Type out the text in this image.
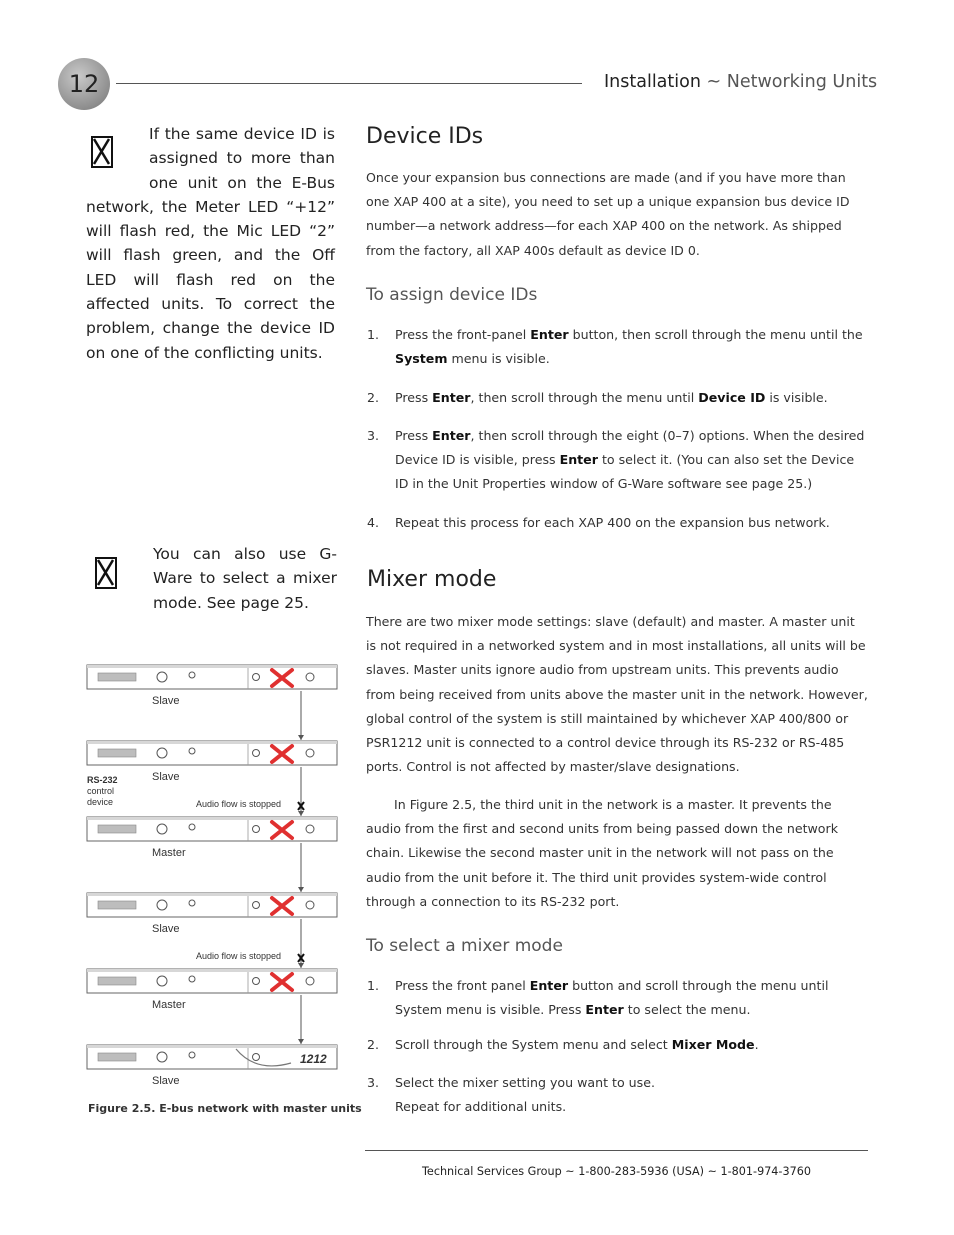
12	Installation ~ Networking Units
If the same device ID is assigned to more than one unit on the E-Bus network, the Meter LED “+12” will flash red, the Mic LED “2” will flash green, and the Off LED will flash red on the affected units. To correct the problem, change the device ID on one of the conflicting units.
You can also use G-Ware to select a mixer mode. See page 25.
Device IDs
Once your expansion bus connections are made (and if you have more than one XAP 400 at a site), you need to set up a unique expansion bus device ID number—a network address—for each XAP 400 on the network. As shipped from the factory, all XAP 400s default as device ID 0.
To assign device IDs
1. Press the front-panel Enter button, then scroll through the menu until the System menu is visible.
2. Press Enter, then scroll through the menu until Device ID is visible.
3. Press Enter, then scroll through the eight (0–7) options. When the desired Device ID is visible, press Enter to select it. (You can also set the Device ID in the Unit Properties window of G-Ware software see page 25.)
4. Repeat this process for each XAP 400 on the expansion bus network.
Mixer mode
There are two mixer mode settings: slave (default) and master. A master unit is not required in a networked system and in most installations, all units will be slaves. Master units ignore audio from upstream units. This prevents audio from being received from units above the master unit in the network. However, global control of the system is still maintained by whichever XAP 400/800 or PSR1212 unit is connected to a control device through its RS-232 or RS-485 ports. Control is not affected by master/slave designations.
In Figure 2.5, the third unit in the network is a master. It prevents the audio from the first and second units from being passed down the network chain. Likewise the second master unit in the network will not pass on the audio from the unit before it. The third unit provides system-wide control through a connection to its RS-232 port.
To select a mixer mode
1. Press the front panel Enter button and scroll through the menu until System menu is visible. Press Enter to select the menu.
2. Scroll through the System menu and select Mixer Mode.
3. Select the mixer setting you want to use.
Repeat for additional units.
1212
Slave
Slave
Master
Slave
Master
Slave
Audio flow is stopped
Audio flow is stopped
RS-232
control
device
Figure 2.5. E-bus network with master units
Technical Services Group ~ 1-800-283-5936 (USA) ~ 1-801-974-3760
